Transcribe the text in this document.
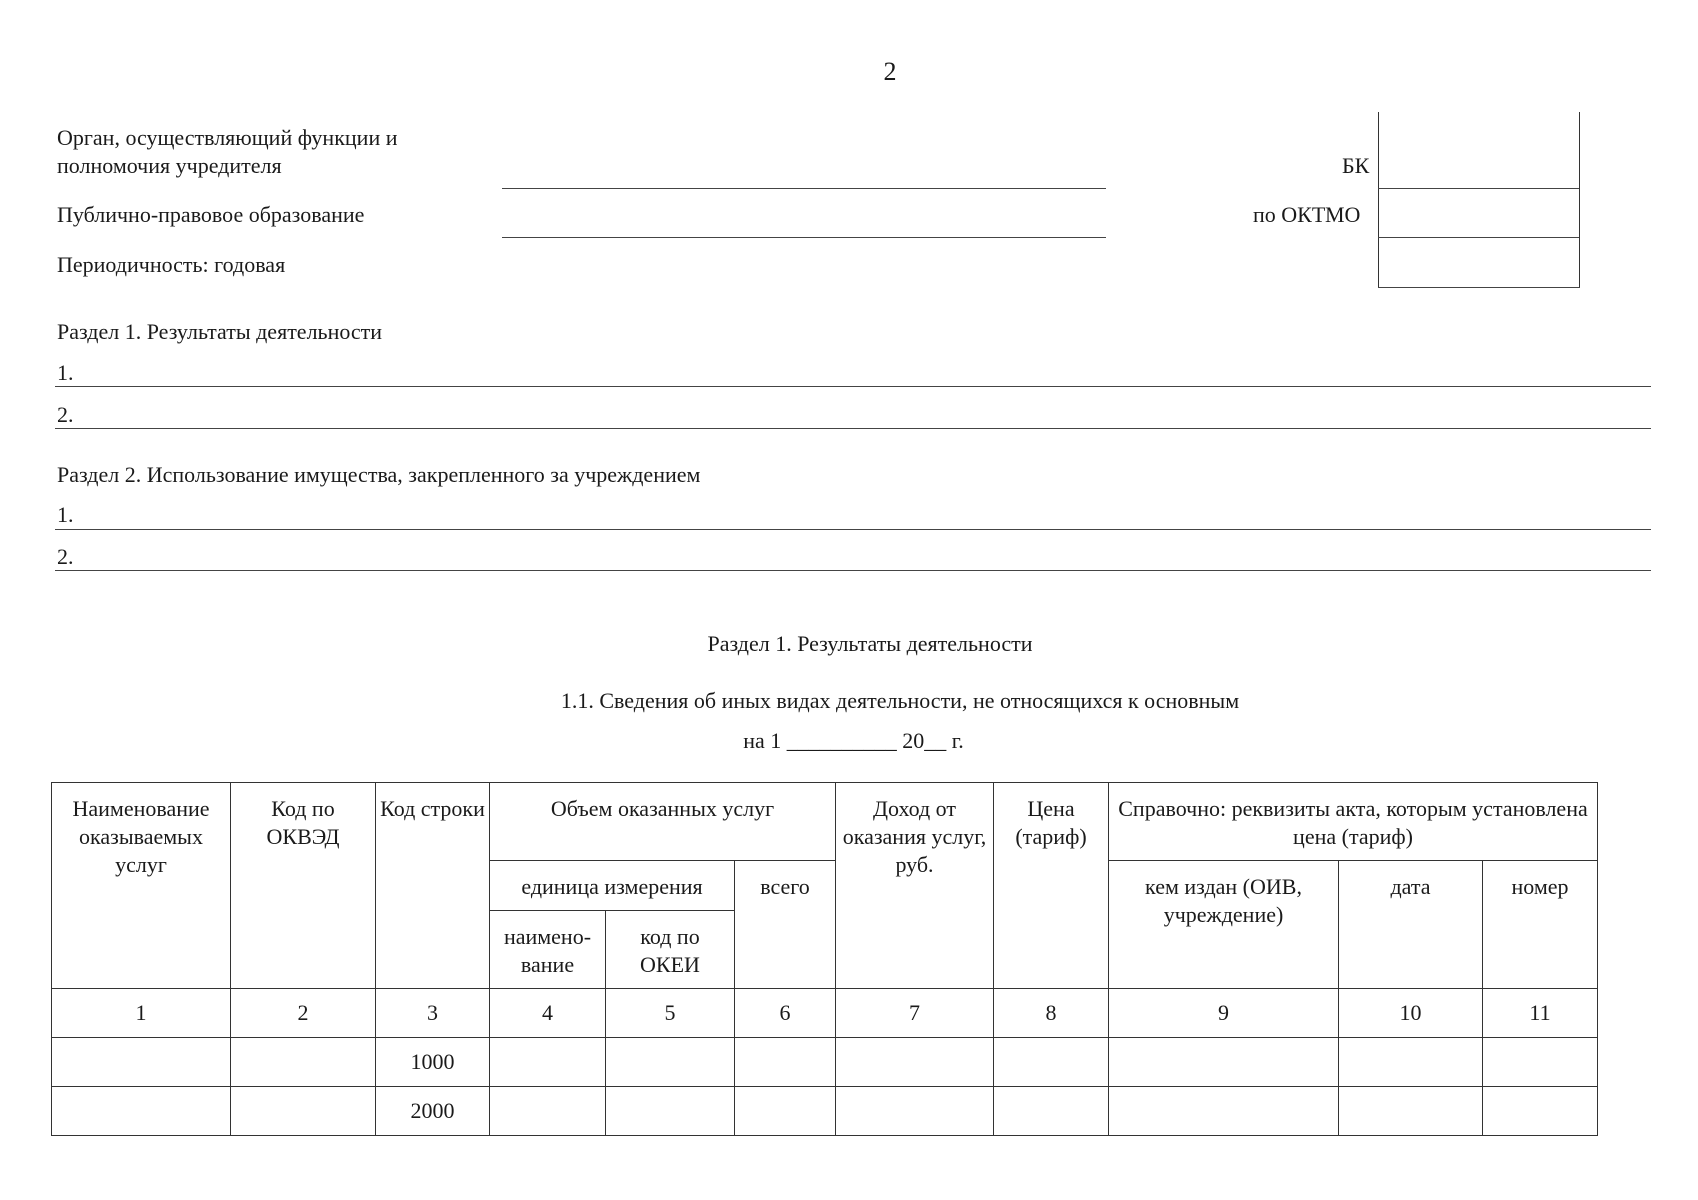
2
Орган, осуществляющий функции и
полномочия учредителя
Публично-правовое образование
Периодичность: годовая
БК
по ОКТМО
Раздел 1. Результаты деятельности
1.
2.
Раздел 2. Использование имущества, закрепленного за учреждением
1.
2.
Раздел 1. Результаты деятельности
1.1. Сведения об иных видах деятельности, не относящихся к основным
на 1 __________ 20__ г.
Наименование оказываемых услуг	Код по ОКВЭД	Код строки	Объем оказанных услуг			Доход от оказания услуг, руб.	Цена (тариф)	Справочно: реквизиты акта, которым установлена цена (тариф)		
			единица измерения		всего			кем издан (ОИВ, учреждение)	дата	номер
			наимено- вание	код по ОКЕИ						
1	2	3	4	5	6	7	8	9	10	11
		1000								
		2000								
